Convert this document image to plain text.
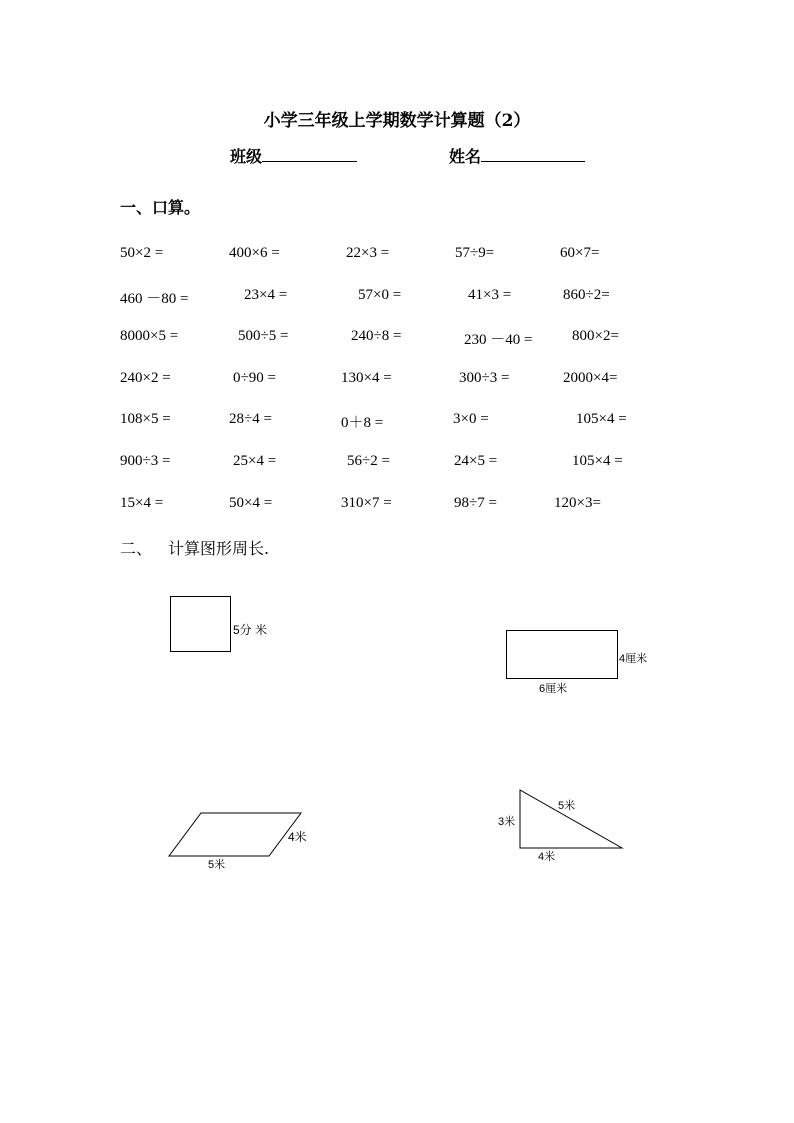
小学三年级上学期数学计算题（2）
班级	姓名
一、口算。
50×2 =	400×6 =	22×3 =	57÷9=	60×7=
460 －80 =	23×4 =	57×0 =	41×3 =	860÷2=
8000×5 =	500÷5 =	240÷8 =	230 －40 =	800×2=
240×2 =	0÷90 =	130×4 =	300÷3 =	2000×4=
108×5 =	28÷4 =	0＋8 =	3×0 =	105×4 =
900÷3 =	25×4 =	56÷2 =	24×5 =	105×4 =
15×4 =	50×4 =	310×7 =	98÷7 =	120×3=
二、 计算图形周长.
5分 米
4厘米
6厘米
4米
5米
3米
5米
4米
